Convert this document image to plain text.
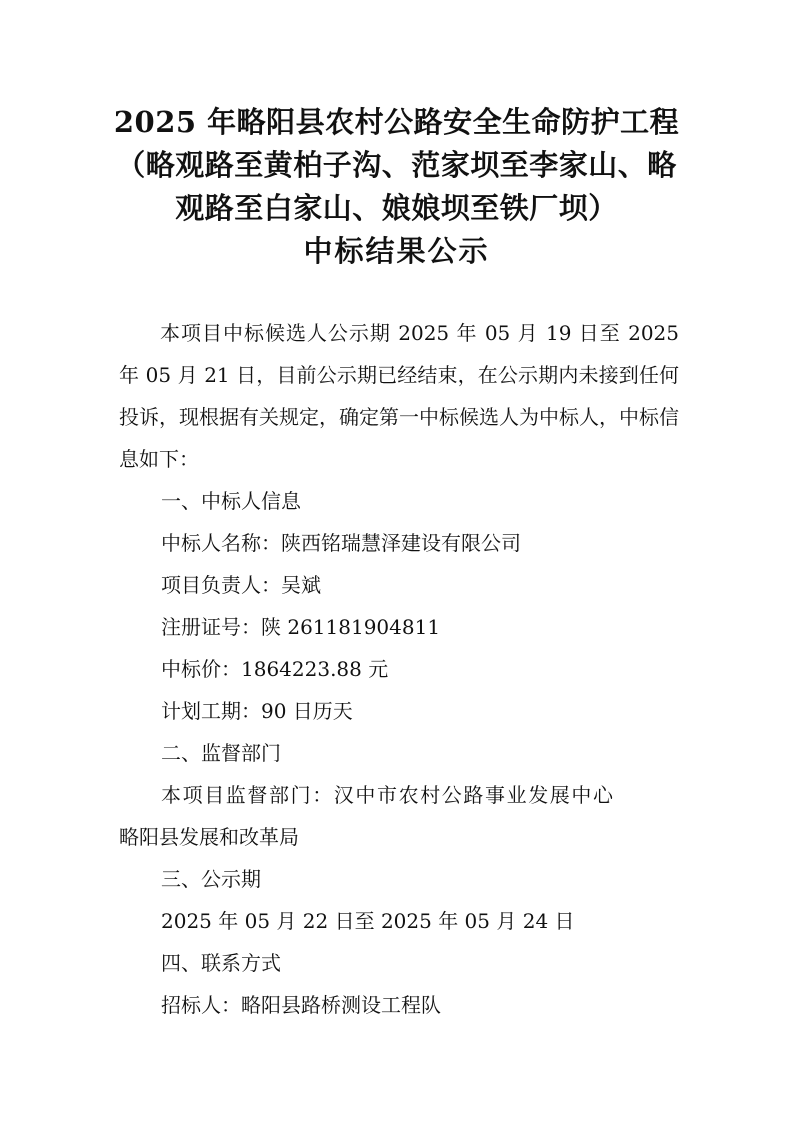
2025 年略阳县农村公路安全生命防护工程
（略观路至黄柏子沟、范家坝至李家山、略
观路至白家山、娘娘坝至铁厂坝）
中标结果公示
本项目中标候选人公示期 2025 年 05 月 19 日至 2025 年 05 月 21 日，目前公示期已经结束，在公示期内未接到任何投诉，现根据有关规定，确定第一中标候选人为中标人，中标信息如下：
一、中标人信息
中标人名称：陕西铭瑞慧泽建设有限公司
项目负责人：吴斌
注册证号：陕 261181904811
中标价：1864223.88 元
计划工期：90 日历天
二、监督部门
本项目监督部门：汉中市农村公路事业发展中心
略阳县发展和改革局
三、公示期
2025 年 05 月 22 日至 2025 年 05 月 24 日
四、联系方式
招标人：略阳县路桥测设工程队
